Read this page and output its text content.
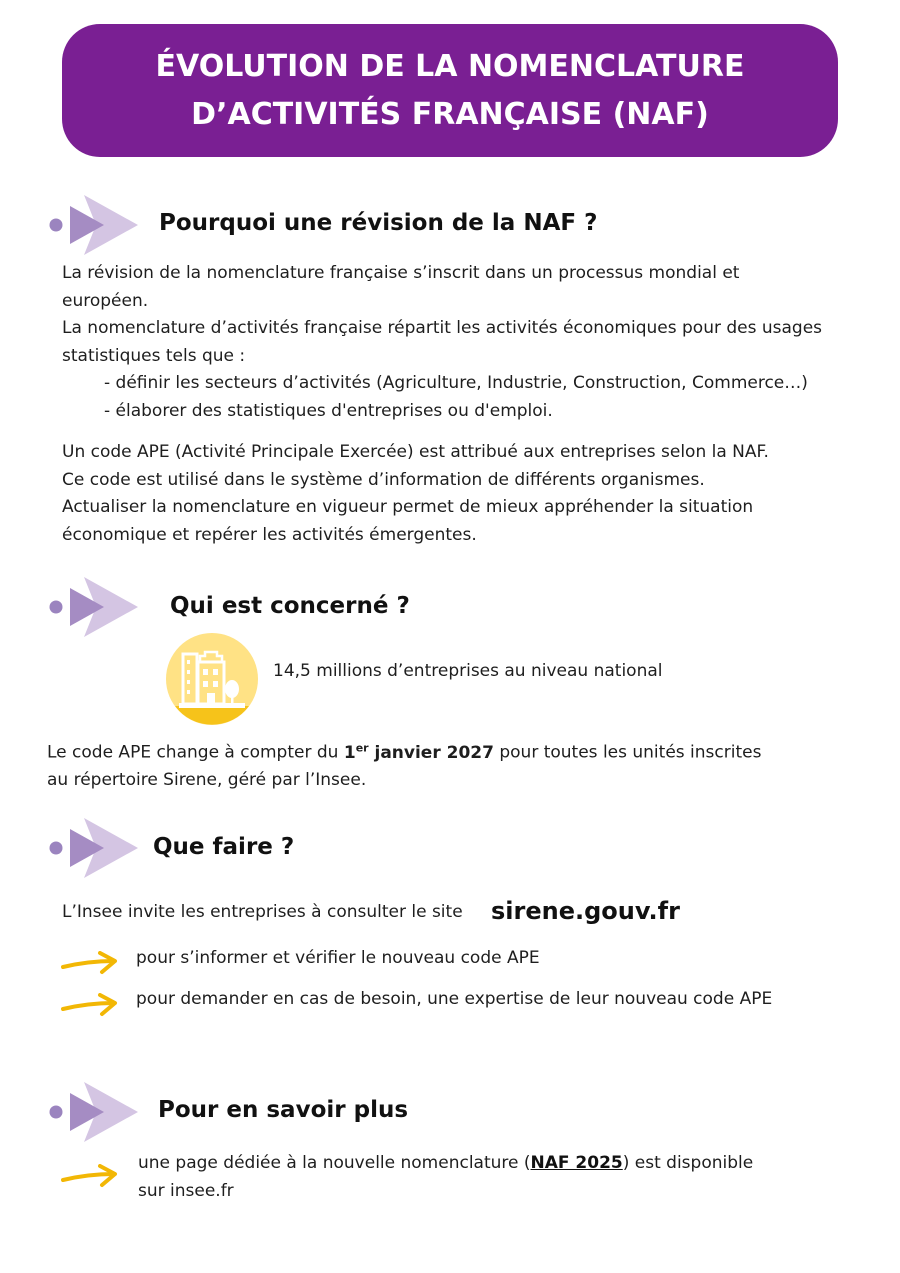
ÉVOLUTION DE LA NOMENCLATURE
D’ACTIVITÉS FRANÇAISE (NAF)
Pourquoi une révision de la NAF ?
La révision de la nomenclature française s’inscrit dans un processus mondial et
européen.
La nomenclature d’activités française répartit les activités économiques pour des usages
statistiques tels que :
- définir les secteurs d’activités (Agriculture, Industrie, Construction, Commerce…)
- élaborer des statistiques d'entreprises ou d'emploi.
Un code APE (Activité Principale Exercée) est attribué aux entreprises selon la NAF.
Ce code est utilisé dans le système d’information de différents organismes.
Actualiser la nomenclature en vigueur permet de mieux appréhender la situation
économique et repérer les activités émergentes.
Qui est concerné ?
14,5 millions d’entreprises au niveau national
Le code APE change à compter du 1er janvier 2027 pour toutes les unités inscrites
au répertoire Sirene, géré par l’Insee.
Que faire ?
L’Insee invite les entreprises à consulter le site sirene.gouv.fr
pour s’informer et vérifier le nouveau code APE
pour demander en cas de besoin, une expertise de leur nouveau code APE
Pour en savoir plus
une page dédiée à la nouvelle nomenclature (NAF 2025) est disponible
sur insee.fr
